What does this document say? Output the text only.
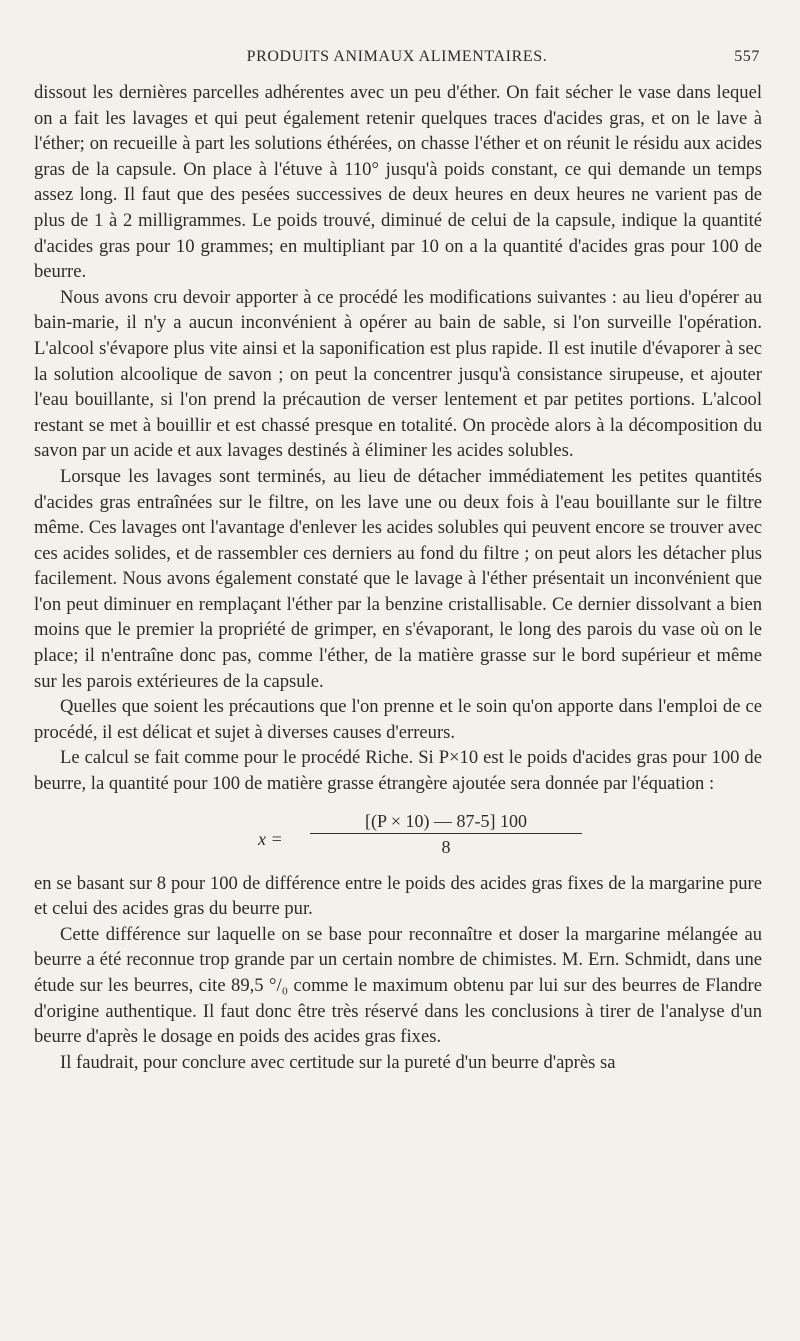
PRODUITS ANIMAUX ALIMENTAIRES.	557

dissout les dernières parcelles adhérentes avec un peu d'éther. On fait sécher le vase dans lequel on a fait les lavages et qui peut également retenir quelques traces d'acides gras, et on le lave à l'éther; on recueille à part les solutions éthérées, on chasse l'éther et on réunit le résidu aux acides gras de la capsule. On place à l'étuve à 110° jusqu'à poids constant, ce qui demande un temps assez long. Il faut que des pesées successives de deux heures en deux heures ne varient pas de plus de 1 à 2 milligrammes. Le poids trouvé, diminué de celui de la capsule, indique la quantité d'acides gras pour 10 grammes; en multipliant par 10 on a la quantité d'acides gras pour 100 de beurre.

Nous avons cru devoir apporter à ce procédé les modifications suivantes : au lieu d'opérer au bain-marie, il n'y a aucun inconvénient à opérer au bain de sable, si l'on surveille l'opération. L'alcool s'évapore plus vite ainsi et la saponification est plus rapide. Il est inutile d'évaporer à sec la solution alcoolique de savon ; on peut la concentrer jusqu'à consistance sirupeuse, et ajouter l'eau bouillante, si l'on prend la précaution de verser lentement et par petites portions. L'alcool restant se met à bouillir et est chassé presque en totalité. On procède alors à la décomposition du savon par un acide et aux lavages destinés à éliminer les acides solubles.

Lorsque les lavages sont terminés, au lieu de détacher immédiatement les petites quantités d'acides gras entraînées sur le filtre, on les lave une ou deux fois à l'eau bouillante sur le filtre même. Ces lavages ont l'avantage d'enlever les acides solubles qui peuvent encore se trouver avec ces acides solides, et de rassembler ces derniers au fond du filtre ; on peut alors les détacher plus facilement. Nous avons également constaté que le lavage à l'éther présentait un inconvénient que l'on peut diminuer en remplaçant l'éther par la benzine cristallisable. Ce dernier dissolvant a bien moins que le premier la propriété de grimper, en s'évaporant, le long des parois du vase où on le place; il n'entraîne donc pas, comme l'éther, de la matière grasse sur le bord supérieur et même sur les parois extérieures de la capsule.

Quelles que soient les précautions que l'on prenne et le soin qu'on apporte dans l'emploi de ce procédé, il est délicat et sujet à diverses causes d'erreurs.

Le calcul se fait comme pour le procédé Riche. Si P×10 est le poids d'acides gras pour 100 de beurre, la quantité pour 100 de matière grasse étrangère ajoutée sera donnée par l'équation :

x =
[(P × 10) — 87-5] 100
8

en se basant sur 8 pour 100 de différence entre le poids des acides gras fixes de la margarine pure et celui des acides gras du beurre pur.

Cette différence sur laquelle on se base pour reconnaître et doser la margarine mélangée au beurre a été reconnue trop grande par un certain nombre de chimistes. M. Ern. Schmidt, dans une étude sur les beurres, cite 89,5 °/₀ comme le maximum obtenu par lui sur des beurres de Flandre d'origine authentique. Il faut donc être très réservé dans les conclusions à tirer de l'analyse d'un beurre d'après le dosage en poids des acides gras fixes.

Il faudrait, pour conclure avec certitude sur la pureté d'un beurre d'après sa
